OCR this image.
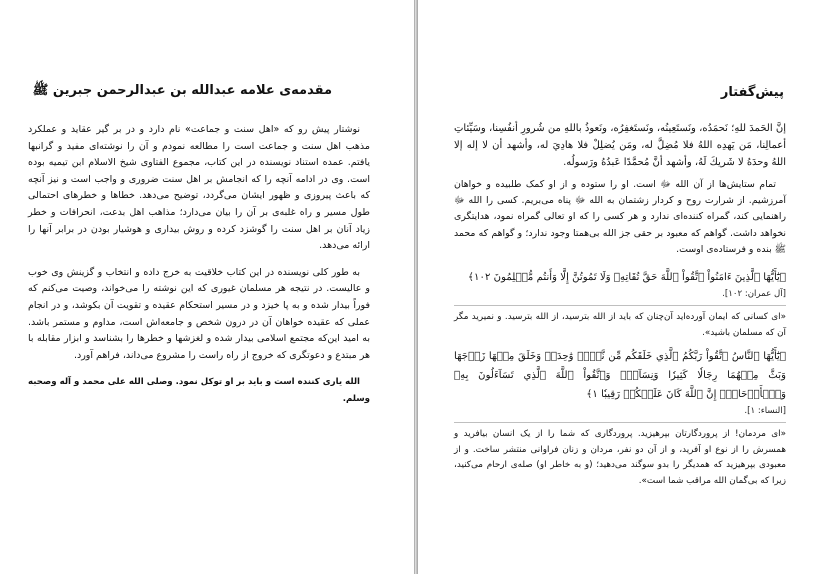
مقدمه‌ی علامه عبدالله بن عبدالرحمن جبرین ﷺ

نوشتار پیش رو که «اهل سنت و جماعت» نام دارد و در بر گیر عقاید و عملکرد مذهب اهل سنت و جماعت است را مطالعه نمودم و آن را نوشته‌ای مفید و گرانبها یافتم. عمده استناد نویسنده در این کتاب، مجموع الفتاوی شیخ الاسلام ابن تیمیه بوده است. وی در ادامه آنچه را که انجامش بر اهل سنت ضروری و واجب است و نیز آنچه که باعث پیروزی و ظهور ایشان می‌گردد، توضیح می‌دهد. خطاها و خطرهای احتمالی طول مسیر و راه غلبه‌ی بر آن را بیان می‌دارد؛ مذاهب اهل بدعت، انحرافات و خطر زیاد آنان بر اهل سنت را گوشزد کرده و روش بیداری و هوشیار بودن در برابر آنها را ارائه می‌دهد.

به طور کلی نویسنده در این کتاب خلاقیت به خرج داده و انتخاب و گزینش وی خوب و عالیست. در نتیجه هر مسلمان غیوری که این نوشته را می‌خواند، وصیت می‌کنم که فوراً بیدار شده و به پا خیزد و در مسیر استحکام عقیده و تقویت آن بکوشد، و در انجام عملی که عقیده خواهان آن در درون شخص و جامعه‌اش است، مداوم و مستمر باشد. به امید این‌که مجتمع اسلامی بیدار شده و لغزشها و خطرها را بشناسد و ابزار مقابله با هر مبتدع و دعوتگری که خروج از راه راست را مشروع می‌داند، فراهم آورد.

الله یاری کننده است و باید بر او توکل نمود. وصلی الله علی محمد و آله وصحبه وسلم.

پیش‌گفتار

إنَّ الحَمدَ للهِ؛ نَحمَدُه، ونَستَعِينُه، ونَستَغفِرُه، ونَعوذُ باللهِ من شُرورِ أنفُسِنا، وسَيِّئاتِ أعمالِنا، مَن يَهدِه اللهُ فلا مُضِلَّ له، ومَن يُضلِلْ فلا هادِيَ له، وأشهد أن لا إله إلا اللهُ وحدَهُ لا شَريكَ لَهُ، وأشهد أنَّ مُحمَّدًا عَبدُهُ ورَسولُه.

تمام ستایش‌ها از آن الله ﷻ است. او را ستوده و از او کمک طلبیده و خواهان آمرزشیم. از شرارت روح و کردار زشتمان به الله ﷻ پناه می‌بریم. کسی را الله ﷻ راهنمایی کند، گمراه کننده‌ای ندارد و هر کسی را که او تعالی گمراه نمود، هدایتگری نخواهد داشت. گواهم که معبود بر حقی جز الله بی‌همتا وجود ندارد؛ و گواهم که محمد ﷺ بنده و فرستاده‌ی اوست.

﴿يَٰٓأَيُّهَا ٱلَّذِينَ ءَامَنُواْ ٱتَّقُواْ ٱللَّهَ حَقَّ تُقَاتِهِۦ وَلَا تَمُوتُنَّ إِلَّا وَأَنتُم مُّسۡلِمُونَ ١٠٢﴾

[آل عمران: ۱۰۲].

«ای کسانی که ایمان آورده‌اید آن‌چنان که باید از الله بترسید، از الله بترسید. و نمیرید مگر آن که مسلمان باشید».

﴿يَٰٓأَيُّهَا ٱلنَّاسُ ٱتَّقُواْ رَبَّكُمُ ٱلَّذِي خَلَقَكُم مِّن نَّفۡسٖ وَٰحِدَةٖ وَخَلَقَ مِنۡهَا زَوۡجَهَا وَبَثَّ مِنۡهُمَا رِجَالٗا كَثِيرٗا وَنِسَآءٗۚ وَٱتَّقُواْ ٱللَّهَ ٱلَّذِي تَسَآءَلُونَ بِهِۦ وَٱلۡأَرۡحَامَۚ إِنَّ ٱللَّهَ كَانَ عَلَيۡكُمۡ رَقِيبٗا ١﴾

[النساء: ۱].

«ای مردمان! از پروردگارتان بپرهیزید. پروردگاری که شما را از یک انسان بیافرید و همسرش را از نوع او آفرید، و از آن دو نفر، مردان و زنان فراوانی منتشر ساخت. و از معبودی بپرهیزید که همدیگر را بدو سوگند می‌دهید؛ (و به خاطر او) صله‌ی ارحام می‌کنید، زیرا که بی‌گمان الله مراقب شما است».
